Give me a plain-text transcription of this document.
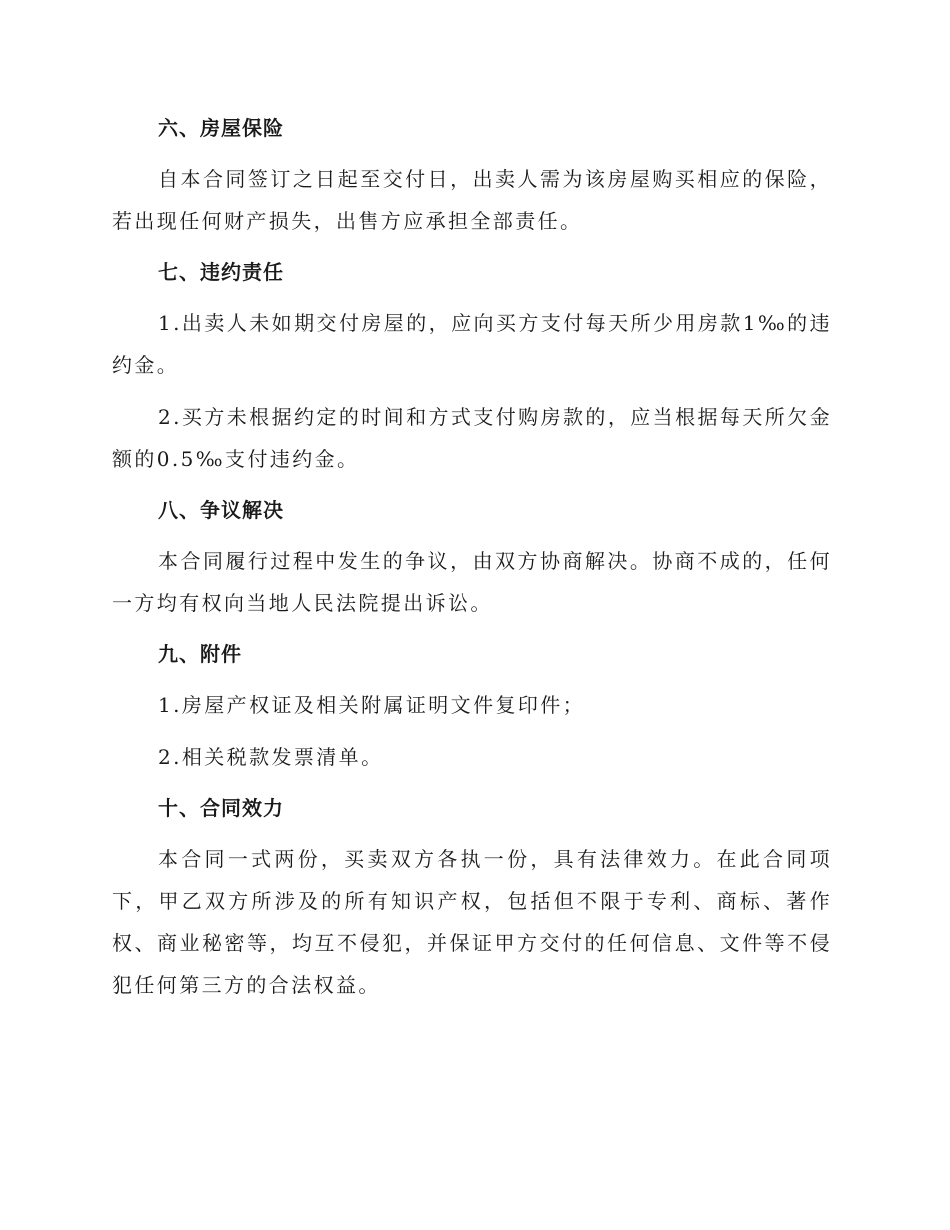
六、房屋保险

自本合同签订之日起至交付日，出卖人需为该房屋购买相应的保险，若出现任何财产损失，出售方应承担全部责任。

七、违约责任

1.出卖人未如期交付房屋的，应向买方支付每天所少用房款1‰的违约金。

2.买方未根据约定的时间和方式支付购房款的，应当根据每天所欠金额的0.5‰支付违约金。

八、争议解决

本合同履行过程中发生的争议，由双方协商解决。协商不成的，任何一方均有权向当地人民法院提出诉讼。

九、附件

1.房屋产权证及相关附属证明文件复印件；

2.相关税款发票清单。

十、合同效力

本合同一式两份，买卖双方各执一份，具有法律效力。在此合同项下，甲乙双方所涉及的所有知识产权，包括但不限于专利、商标、著作权、商业秘密等，均互不侵犯，并保证甲方交付的任何信息、文件等不侵犯任何第三方的合法权益。
